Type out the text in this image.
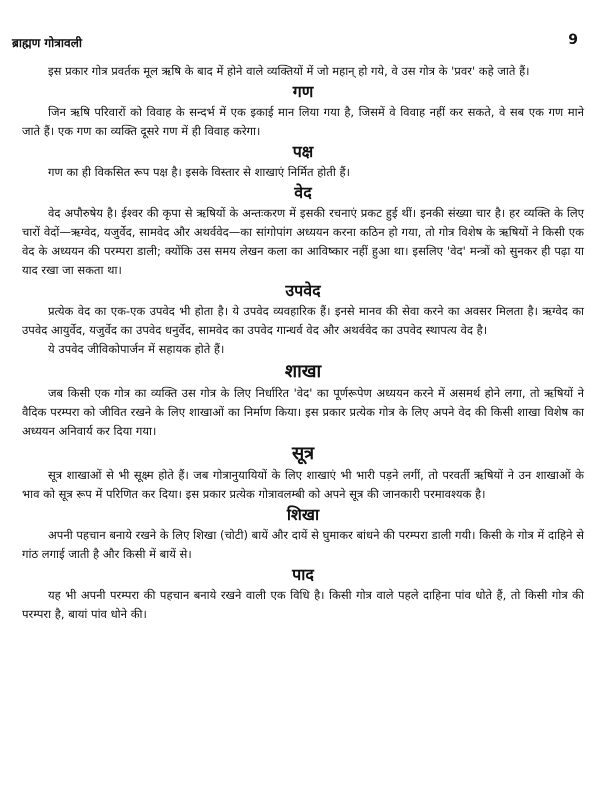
ब्राह्मण गोत्रावली	9

इस प्रकार गोत्र प्रवर्तक मूल ऋषि के बाद में होने वाले व्यक्तियों में जो महान् हो गये, वे उस गोत्र के 'प्रवर' कहे जाते हैं।

गण

जिन ऋषि परिवारों को विवाह के सन्दर्भ में एक इकाई मान लिया गया है, जिसमें वे विवाह नहीं कर सकते, वे सब एक गण माने जाते हैं। एक गण का व्यक्ति दूसरे गण में ही विवाह करेगा।

पक्ष

गण का ही विकसित रूप पक्ष है। इसके विस्तार से शाखाएं निर्मित होती हैं।

वेद

वेद अपौरुषेय है। ईश्वर की कृपा से ऋषियों के अन्तःकरण में इसकी रचनाएं प्रकट हुई थीं। इनकी संख्या चार है। हर व्यक्ति के लिए चारों वेदों—ऋग्वेद, यजुर्वेद, सामवेद और अथर्ववेद—का सांगोपांग अध्ययन करना कठिन हो गया, तो गोत्र विशेष के ऋषियों ने किसी एक वेद के अध्ययन की परम्परा डाली; क्योंकि उस समय लेखन कला का आविष्कार नहीं हुआ था। इसलिए 'वेद' मन्त्रों को सुनकर ही पढ़ा या याद रखा जा सकता था।

उपवेद

प्रत्येक वेद का एक-एक उपवेद भी होता है। ये उपवेद व्यवहारिक हैं। इनसे मानव की सेवा करने का अवसर मिलता है। ऋग्वेद का उपवेद आयुर्वेद, यजुर्वेद का उपवेद धनुर्वेद, सामवेद का उपवेद गान्धर्व वेद और अथर्ववेद का उपवेद स्थापत्य वेद है।

ये उपवेद जीविकोपार्जन में सहायक होते हैं।

शाखा

जब किसी एक गोत्र का व्यक्ति उस गोत्र के लिए निर्धारित 'वेद' का पूर्णरूपेण अध्ययन करने में असमर्थ होने लगा, तो ऋषियों ने वैदिक परम्परा को जीवित रखने के लिए शाखाओं का निर्माण किया। इस प्रकार प्रत्येक गोत्र के लिए अपने वेद की किसी शाखा विशेष का अध्ययन अनिवार्य कर दिया गया।

सूत्र

सूत्र शाखाओं से भी सूक्ष्म होते हैं। जब गोत्रानुयायियों के लिए शाखाएं भी भारी पड़ने लगीं, तो परवर्ती ऋषियों ने उन शाखाओं के भाव को सूत्र रूप में परिणित कर दिया। इस प्रकार प्रत्येक गोत्रावलम्बी को अपने सूत्र की जानकारी परमावश्यक है।

शिखा

अपनी पहचान बनाये रखने के लिए शिखा (चोटी) बायें और दायें से घुमाकर बांधने की परम्परा डाली गयी। किसी के गोत्र में दाहिने से गांठ लगाई जाती है और किसी में बायें से।

पाद

यह भी अपनी परम्परा की पहचान बनाये रखने वाली एक विधि है। किसी गोत्र वाले पहले दाहिना पांव धोते हैं, तो किसी गोत्र की परम्परा है, बायां पांव धोने की।
